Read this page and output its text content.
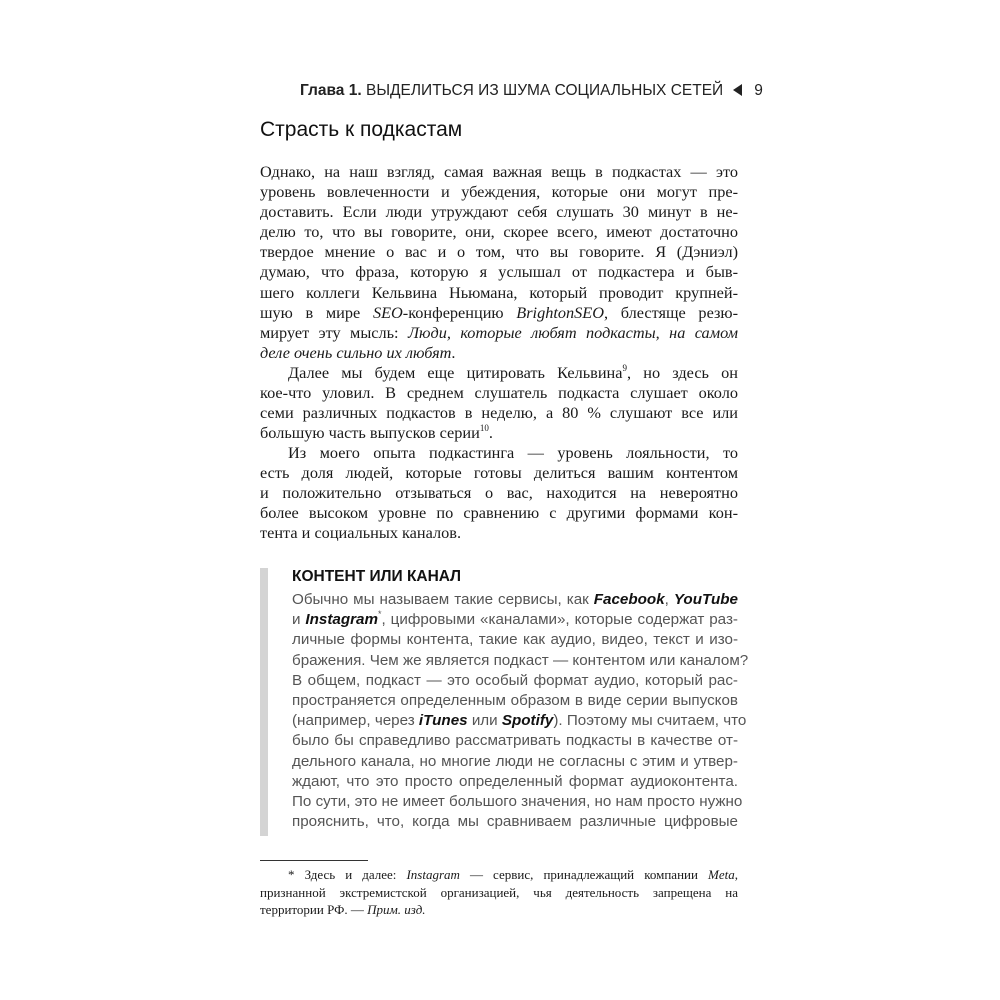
Глава 1. ВЫДЕЛИТЬСЯ ИЗ ШУМА СОЦИАЛЬНЫХ СЕТЕЙ 9
Страсть к подкастам
Однако, на наш взгляд, самая важная вещь в подкастах — это
уровень вовлеченности и убеждения, которые они могут пре-
доставить. Если люди утруждают себя слушать 30 минут в не-
делю то, что вы говорите, они, скорее всего, имеют достаточно
твердое мнение о вас и о том, что вы говорите. Я (Дэниэл)
думаю, что фраза, которую я услышал от подкастера и быв-
шего коллеги Кельвина Ньюмана, который проводит крупней-
шую в мире SEO-конференцию BrightonSEO, блестяще резю-
мирует эту мысль: Люди, которые любят подкасты, на самом
деле очень сильно их любят.
Далее мы будем еще цитировать Кельвина$^9$, но здесь он
кое-что уловил. В среднем слушатель подкаста слушает около
семи различных подкастов в неделю, а 80 % слушают все или
большую часть выпусков серии$^{10}$.
Из моего опыта подкастинга — уровень лояльности, то
есть доля людей, которые готовы делиться вашим контентом
и положительно отзываться о вас, находится на невероятно
более высоком уровне по сравнению с другими формами кон-
тента и социальных каналов.
КОНТЕНТ ИЛИ КАНАЛ
Обычно мы называем такие сервисы, как Facebook, YouTube
и Instagram*, цифровыми «каналами», которые содержат раз-
личные формы контента, такие как аудио, видео, текст и изо-
бражения. Чем же является подкаст — контентом или каналом?
В общем, подкаст — это особый формат аудио, который рас-
пространяется определенным образом в виде серии выпусков
(например, через iTunes или Spotify). Поэтому мы считаем, что
было бы справедливо рассматривать подкасты в качестве от-
дельного канала, но многие люди не согласны с этим и утвер-
ждают, что это просто определенный формат аудиоконтента.
По сути, это не имеет большого значения, но нам просто нужно
прояснить, что, когда мы сравниваем различные цифровые
* Здесь и далее: Instagram — сервис, принадлежащий компании Meta,
признанной экстремистской организацией, чья деятельность запрещена на
территории РФ. — Прим. изд.
